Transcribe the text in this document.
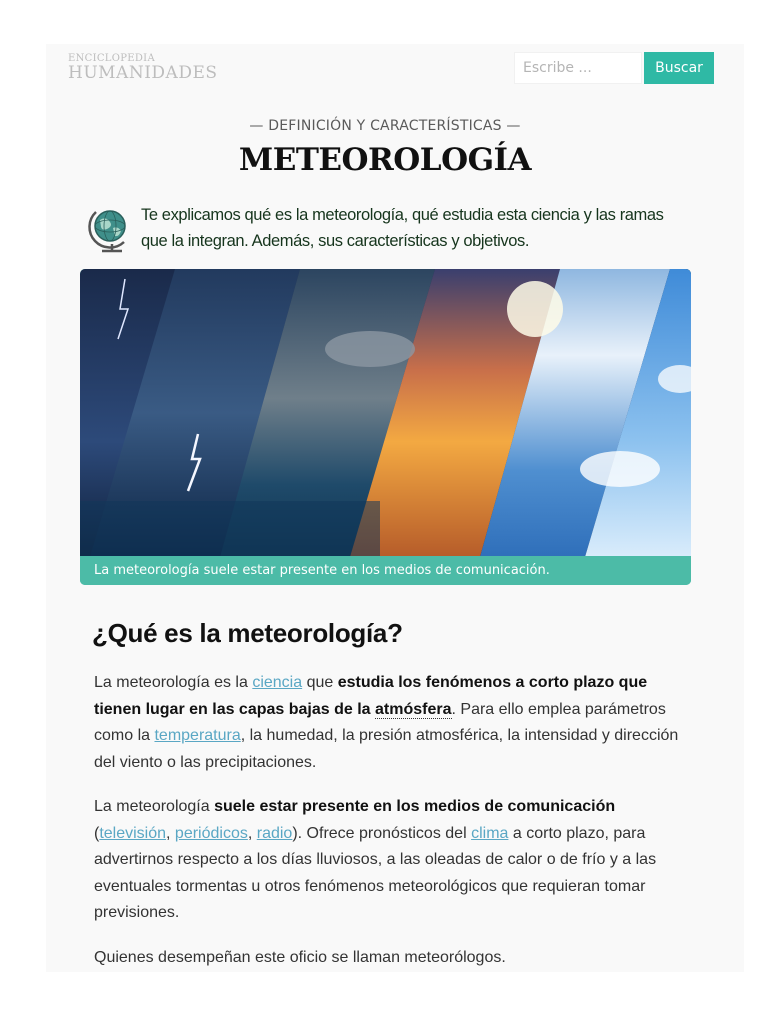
ENCICLOPEDIA
HUMANIDADES
Escribe ...	Buscar
— DEFINICIÓN Y CARACTERÍSTICAS —
METEOROLOGÍA
Te explicamos qué es la meteorología, qué estudia esta ciencia y las ramas que la integran. Además, sus características y objetivos.
La meteorología suele estar presente en los medios de comunicación.
¿Qué es la meteorología?

La meteorología es la ciencia que estudia los fenómenos a corto plazo que tienen lugar en las capas bajas de la atmósfera. Para ello emplea parámetros como la temperatura, la humedad, la presión atmosférica, la intensidad y dirección del viento o las precipitaciones.

La meteorología suele estar presente en los medios de comunicación (televisión, periódicos, radio). Ofrece pronósticos del clima a corto plazo, para advertirnos respecto a los días lluviosos, a las oleadas de calor o de frío y a las eventuales tormentas u otros fenómenos meteorológicos que requieran tomar previsiones.

Quienes desempeñan este oficio se llaman meteorólogos.
